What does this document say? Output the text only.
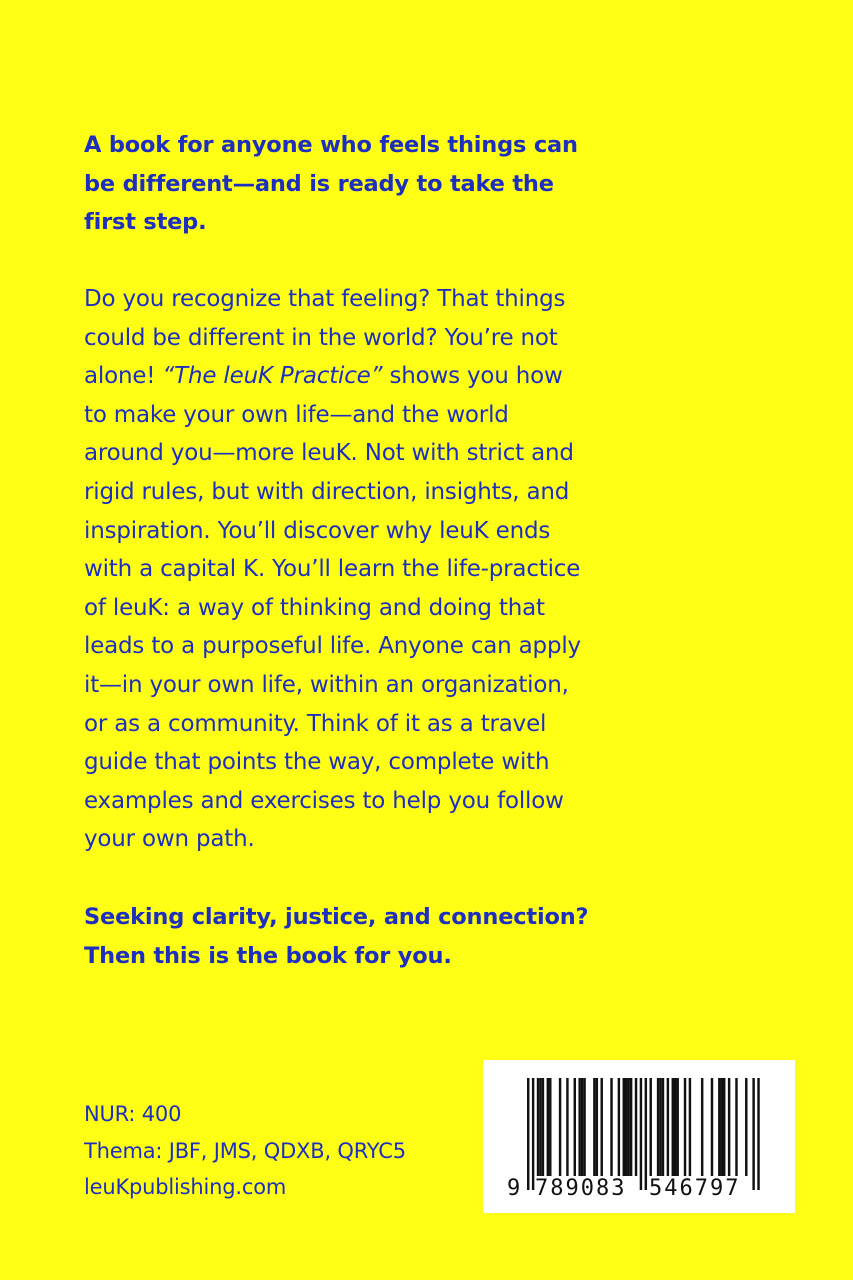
A book for anyone who feels things can
be different—and is ready to take the
first step.
Do you recognize that feeling? That things
could be different in the world? You’re not
alone! “The leuK Practice” shows you how
to make your own life—and the world
around you—more leuK. Not with strict and
rigid rules, but with direction, insights, and
inspiration. You’ll discover why leuK ends
with a capital K. You’ll learn the life-practice
of leuK: a way of thinking and doing that
leads to a purposeful life. Anyone can apply
it—in your own life, within an organization,
or as a community. Think of it as a travel
guide that points the way, complete with
examples and exercises to help you follow
your own path.
Seeking clarity, justice, and connection?
Then this is the book for you.
NUR: 400
Thema: JBF, JMS, QDXB, QRYC5
leuKpublishing.com	9 789083 546797
